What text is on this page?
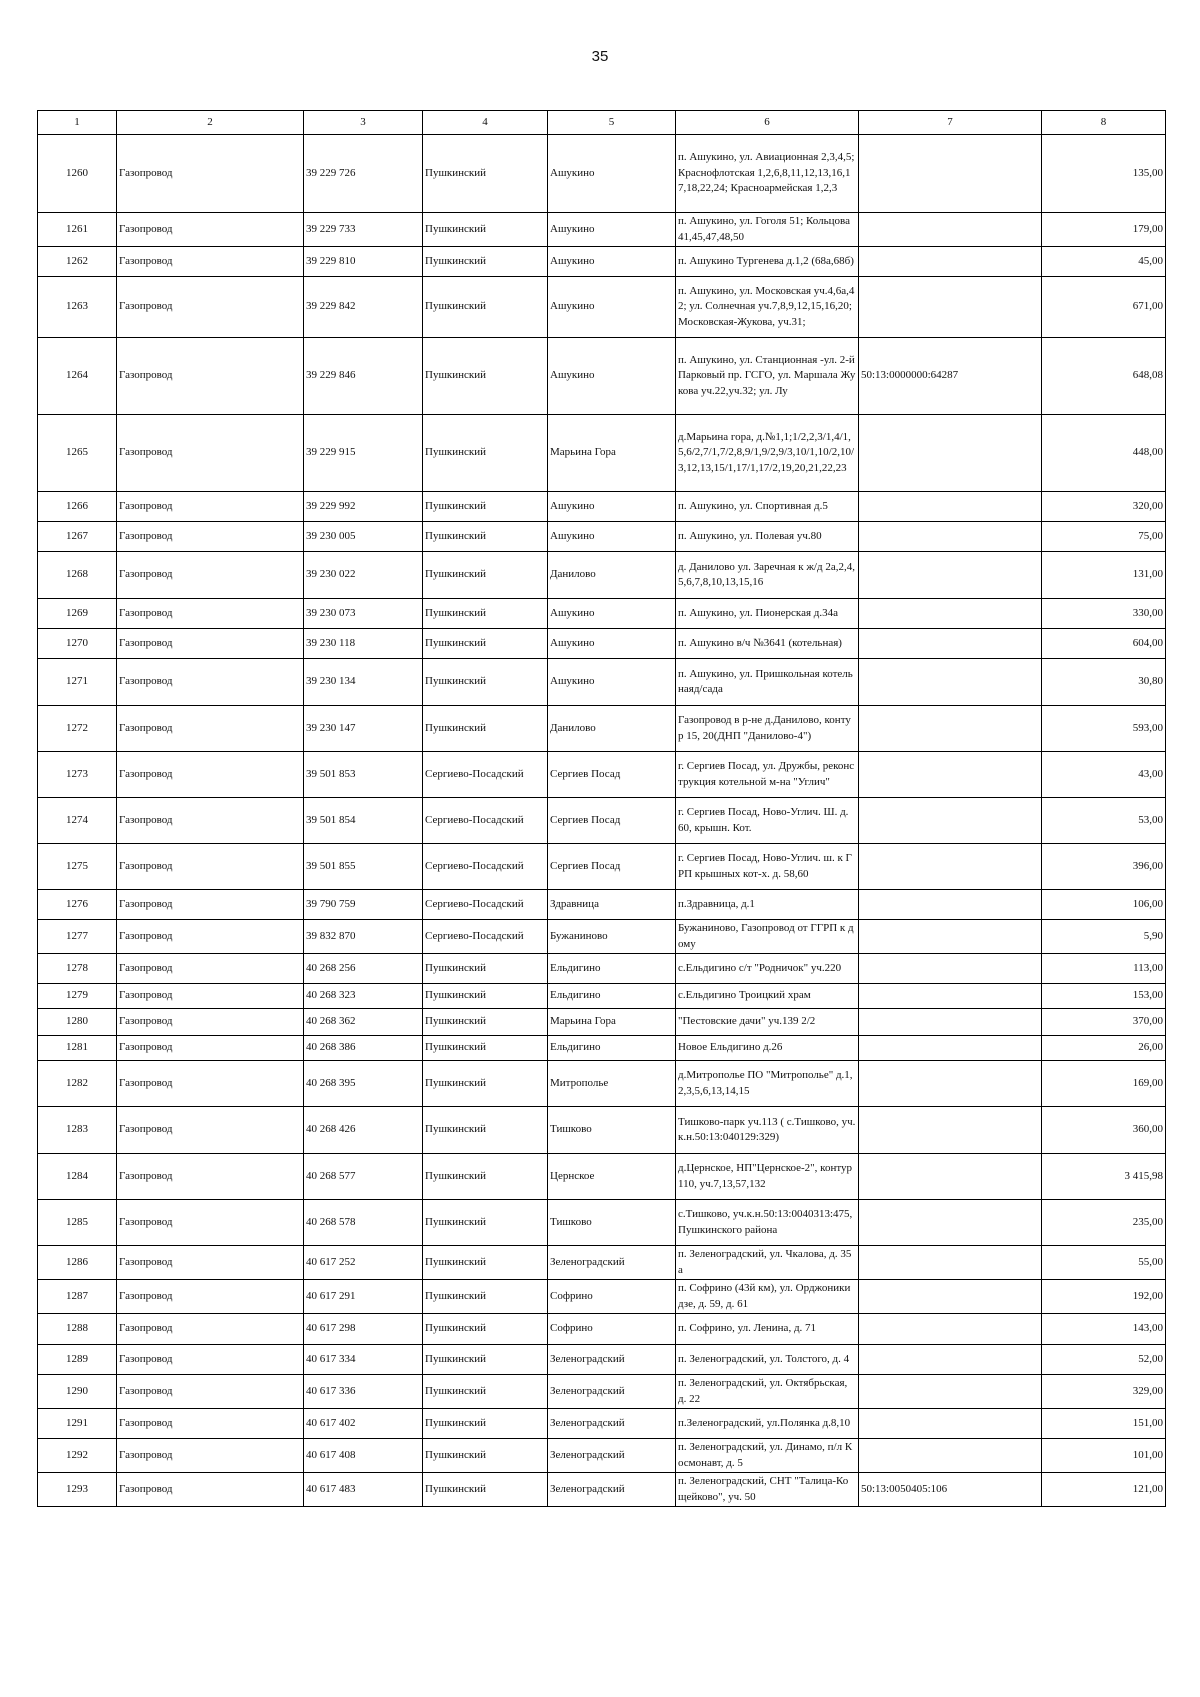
35
1	2	3	4	5	6	7	8
1260	Газопровод	39 229 726	Пушкинский	Ашукино	п. Ашукино, ул. Авиационная 2,3,4,5; Краснофлотская 1,2,6,8,11,12,13,16,17,18,22,24; Красноармейская 1,2,3		135,00
1261	Газопровод	39 229 733	Пушкинский	Ашукино	п. Ашукино, ул. Гоголя 51; Кольцова 41,45,47,48,50		179,00
1262	Газопровод	39 229 810	Пушкинский	Ашукино	п. Ашукино Тургенева д.1,2 (68а,68б)		45,00
1263	Газопровод	39 229 842	Пушкинский	Ашукино	п. Ашукино, ул. Московская уч.4,6а,42; ул. Солнечная уч.7,8,9,12,15,16,20; Московская-Жукова, уч.31;		671,00
1264	Газопровод	39 229 846	Пушкинский	Ашукино	п. Ашукино, ул. Станционная -ул. 2-й Парковый пр. ГСГО, ул. Маршала Жукова уч.22,уч.32; ул. Лу	50:13:0000000:64287	648,08
1265	Газопровод	39 229 915	Пушкинский	Марьина Гора	д.Марьина гора, д.№1,1;1/2,2,3/1,4/1,5,6/2,7/1,7/2,8,9/1,9/2,9/3,10/1,10/2,10/3,12,13,15/1,17/1,17/2,19,20,21,22,23		448,00
1266	Газопровод	39 229 992	Пушкинский	Ашукино	п. Ашукино, ул. Спортивная д.5		320,00
1267	Газопровод	39 230 005	Пушкинский	Ашукино	п. Ашукино, ул. Полевая уч.80		75,00
1268	Газопровод	39 230 022	Пушкинский	Данилово	д. Данилово ул. Заречная к ж/д 2а,2,4,5,6,7,8,10,13,15,16		131,00
1269	Газопровод	39 230 073	Пушкинский	Ашукино	п. Ашукино, ул. Пионерская д.34а		330,00
1270	Газопровод	39 230 118	Пушкинский	Ашукино	п. Ашукино в/ч №3641 (котельная)		604,00
1271	Газопровод	39 230 134	Пушкинский	Ашукино	п. Ашукино, ул. Пришкольная котельнаяд/сада		30,80
1272	Газопровод	39 230 147	Пушкинский	Данилово	Газопровод в р-не д.Данилово, контур 15, 20(ДНП "Данилово-4")		593,00
1273	Газопровод	39 501 853	Сергиево-Посадский	Сергиев Посад	г. Сергиев Посад, ул. Дружбы, реконструкция котельной м-на "Углич"		43,00
1274	Газопровод	39 501 854	Сергиево-Посадский	Сергиев Посад	г. Сергиев Посад, Ново-Углич. Ш. д. 60, крышн. Кот.		53,00
1275	Газопровод	39 501 855	Сергиево-Посадский	Сергиев Посад	г. Сергиев Посад, Ново-Углич. ш. к ГРП крышных кот-х. д. 58,60		396,00
1276	Газопровод	39 790 759	Сергиево-Посадский	Здравница	п.Здравница, д.1		106,00
1277	Газопровод	39 832 870	Сергиево-Посадский	Бужанинoво	Бужанинoво, Газопровод от ГГРП к дому		5,90
1278	Газопровод	40 268 256	Пушкинский	Ельдигино	с.Ельдигино с/т "Родничок" уч.220		113,00
1279	Газопровод	40 268 323	Пушкинский	Ельдигино	с.Ельдигино Троицкий храм		153,00
1280	Газопровод	40 268 362	Пушкинский	Марьина Гора	"Пестовские дачи" уч.139 2/2		370,00
1281	Газопровод	40 268 386	Пушкинский	Ельдигино	Новое Ельдигино д.26		26,00
1282	Газопровод	40 268 395	Пушкинский	Митрополье	д.Митрополье ПО "Митрополье" д.1,2,3,5,6,13,14,15		169,00
1283	Газопровод	40 268 426	Пушкинский	Тишково	Тишково-парк уч.113 ( с.Тишково, уч.к.н.50:13:040129:329)		360,00
1284	Газопровод	40 268 577	Пушкинский	Цернское	д.Цернское, НП"Цернское-2", контур 110, уч.7,13,57,132		3 415,98
1285	Газопровод	40 268 578	Пушкинский	Тишково	с.Тишково, уч.к.н.50:13:0040313:475, Пушкинского района		235,00
1286	Газопровод	40 617 252	Пушкинский	Зеленоградский	п. Зеленоградский, ул. Чкалова, д. 35а		55,00
1287	Газопровод	40 617 291	Пушкинский	Софрино	п. Софрино (43й км), ул. Орджоникидзе, д. 59, д. 61		192,00
1288	Газопровод	40 617 298	Пушкинский	Софрино	п. Софрино, ул. Ленина, д. 71		143,00
1289	Газопровод	40 617 334	Пушкинский	Зеленоградский	п. Зеленоградский, ул. Толстого, д. 4		52,00
1290	Газопровод	40 617 336	Пушкинский	Зеленоградский	п. Зеленоградский, ул. Октябрьская, д. 22		329,00
1291	Газопровод	40 617 402	Пушкинский	Зеленоградский	п.Зеленоградский, ул.Полянка д.8,10		151,00
1292	Газопровод	40 617 408	Пушкинский	Зеленоградский	п. Зеленоградский, ул. Динамо, п/л Космонавт, д. 5		101,00
1293	Газопровод	40 617 483	Пушкинский	Зеленоградский	п. Зеленоградский, СНТ "Талица-Кощейково", уч. 50	50:13:0050405:106	121,00
